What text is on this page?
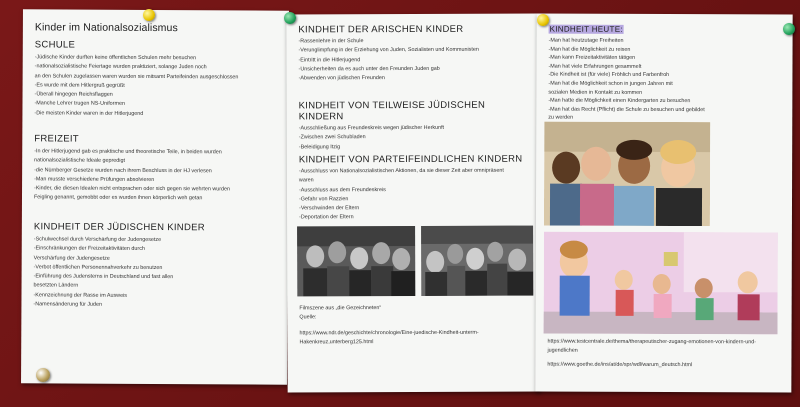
Kinder im Nationalsozialismus

SCHULE

-Jüdische Kinder durften keine öffentlichen Schulen mehr besuchen
-nationalsozialistische Feiertage wurden praktiziert, solange Juden noch
an den Schulen zugelassen waren wurden sie mitsamt Parteifeinden ausgeschlossen
-Es wurde mit dem Hitlergruß gegrüßt
-Überall hingegen Reichsflaggen
-Manche Lehrer trugen NS-Uniformen
-Die meisten Kinder waren in der Hitlerjugend

FREIZEIT

-In der Hitlerjugend gab es praktische und theoretische Teile, in beiden wurden
nationalsozialistische Ideale gepredigt
-die Nürnberger Gesetze wurden nach ihrem Beschluss in der HJ verlesen
-Man musste verschiedene Prüfungen absolvieren
-Kinder, die diesen Idealen nicht entsprachen oder sich gegen sie wehrten wurden
Feigling genannt, gemobbt oder es wurden ihnen körperlich weh getan

KINDHEIT DER JÜDISCHEN KINDER

-Schulwechsel durch Verschärfung der Judengesetze
-Einschränkungen der Freizeitaktivitäten durch
Verschärfung der Judengesetze
-Verbot öffentlichen Personennahverkehr zu benutzen
-Einführung des Judensterns in Deutschland und fast allen
besetzten Ländern
-Kennzeichnung der Rasse im Ausweis
-Namensänderung für Juden

KINDHEIT DER ARISCHEN KINDER

-Rassenlehre in der Schule
-Verunglimpfung in der Erziehung von Juden, Sozialisten und Kommunisten
-Eintritt in die Hitlerjugend
-Unsicherheiten da es auch unter den Freunden Juden gab
-Abwenden von jüdischen Freunden

KINDHEIT VON TEILWEISE JÜDISCHEN KINDERN

-Ausschließung aus Freundeskreis wegen jüdischer Herkunft
-Zwischen zwei Schubladen
-Beleidigung Itzig

KINDHEIT VON PARTEIFEINDLICHEN KINDERN

-Ausschluss von Nationalsozialistischen Aktionen, da sie dieser Zeit aber omnipräsent
waren
-Ausschluss aus dem Freundeskreis
-Gefahr von Razzien
-Verschwinden der Eltern
-Deportation der Eltern
Filmszene aus „die Gezeichneten“
Quelle:
https://www.ndr.de/geschichte/chronologie/Eine-juedische-Kindheit-unterm-Hakenkreuz,unterberg125.html

KINDHEIT HEUTE:

-Man hat heutzutage Freiheiten
-Man hat die Möglichkeit zu reisen
-Man kann Freizeitaktivitäten tätigen
-Man hat viele Erfahrungen gesammelt
-Die Kindheit ist (für viele) Fröhlich und Farbenfroh
-Man hat die Möglichkeit schon in jungen Jahren mit
sozialen Medien in Kontakt zu kommen
-Man hatte die Möglichkeit einen Kindergarten zu besuchen
-Man hat das Recht (Pflicht) die Schule zu besuchen und gebildet
zu werden
https://www.testcentrale.de/thema/therapeutischer-zugang-emotionen-von-kindern-und-jugendlichen
https://www.goethe.de/ins/at/de/spr/wdl/warum_deutsch.html
